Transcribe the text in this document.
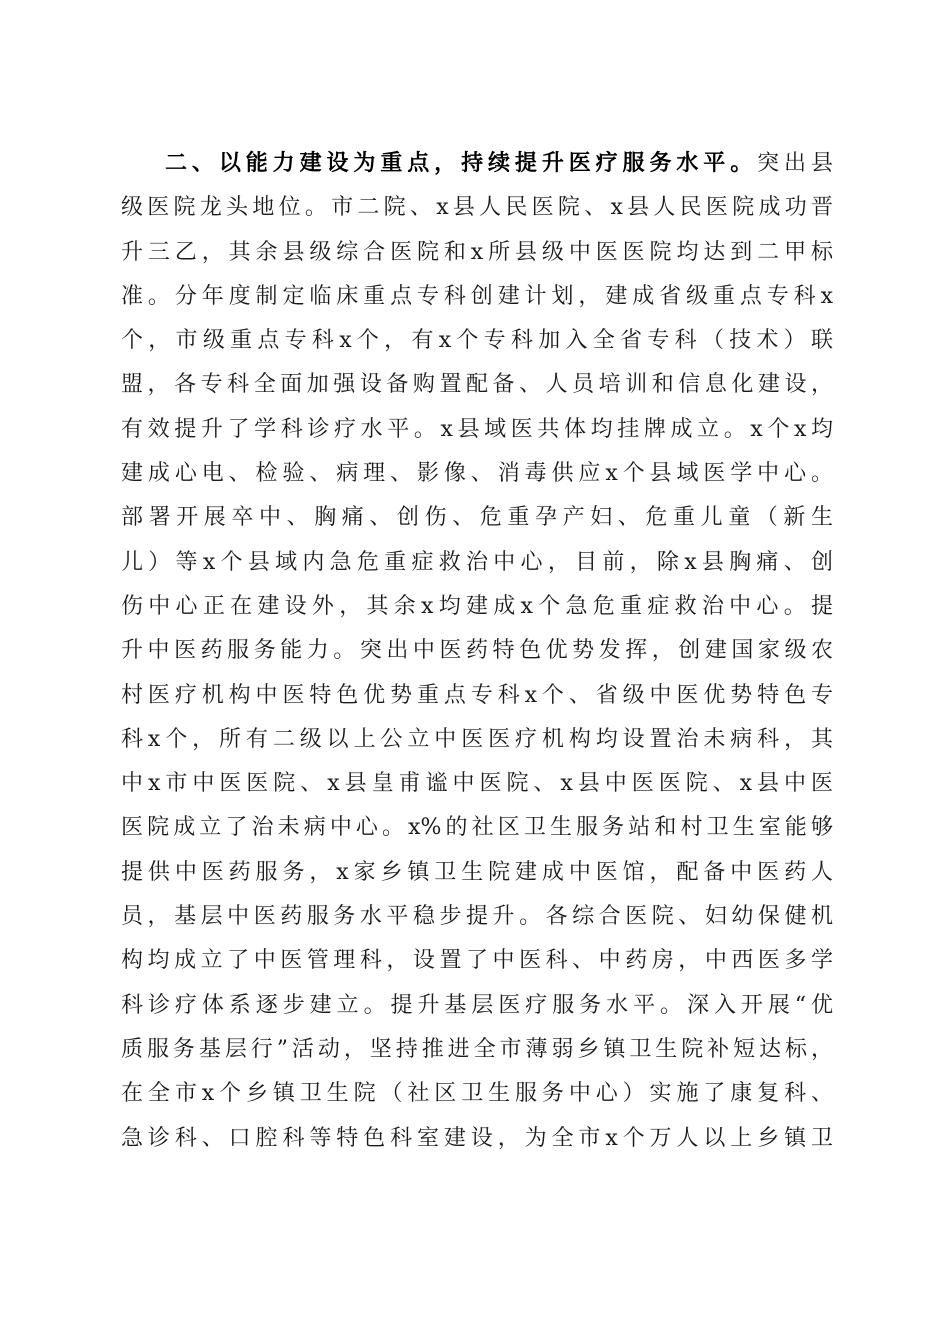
二、以能力建设为重点，持续提升医疗服务水平。突出县
级医院龙头地位。市二院、x县人民医院、x县人民医院成功晋
升三乙，其余县级综合医院和x所县级中医医院均达到二甲标
准。分年度制定临床重点专科创建计划，建成省级重点专科x
个，市级重点专科x个，有x个专科加入全省专科（技术）联
盟，各专科全面加强设备购置配备、人员培训和信息化建设，
有效提升了学科诊疗水平。x县域医共体均挂牌成立。x个x均
建成心电、检验、病理、影像、消毒供应x个县域医学中心。
部署开展卒中、胸痛、创伤、危重孕产妇、危重儿童（新生
儿）等x个县域内急危重症救治中心，目前，除x县胸痛、创
伤中心正在建设外，其余x均建成x个急危重症救治中心。提
升中医药服务能力。突出中医药特色优势发挥，创建国家级农
村医疗机构中医特色优势重点专科x个、省级中医优势特色专
科x个，所有二级以上公立中医医疗机构均设置治未病科，其
中x市中医医院、x县皇甫谧中医院、x县中医医院、x县中医
医院成立了治未病中心。x%的社区卫生服务站和村卫生室能够
提供中医药服务，x家乡镇卫生院建成中医馆，配备中医药人
员，基层中医药服务水平稳步提升。各综合医院、妇幼保健机
构均成立了中医管理科，设置了中医科、中药房，中西医多学
科诊疗体系逐步建立。提升基层医疗服务水平。深入开展“优
质服务基层行”活动，坚持推进全市薄弱乡镇卫生院补短达标，
在全市x个乡镇卫生院（社区卫生服务中心）实施了康复科、
急诊科、口腔科等特色科室建设，为全市x个万人以上乡镇卫
